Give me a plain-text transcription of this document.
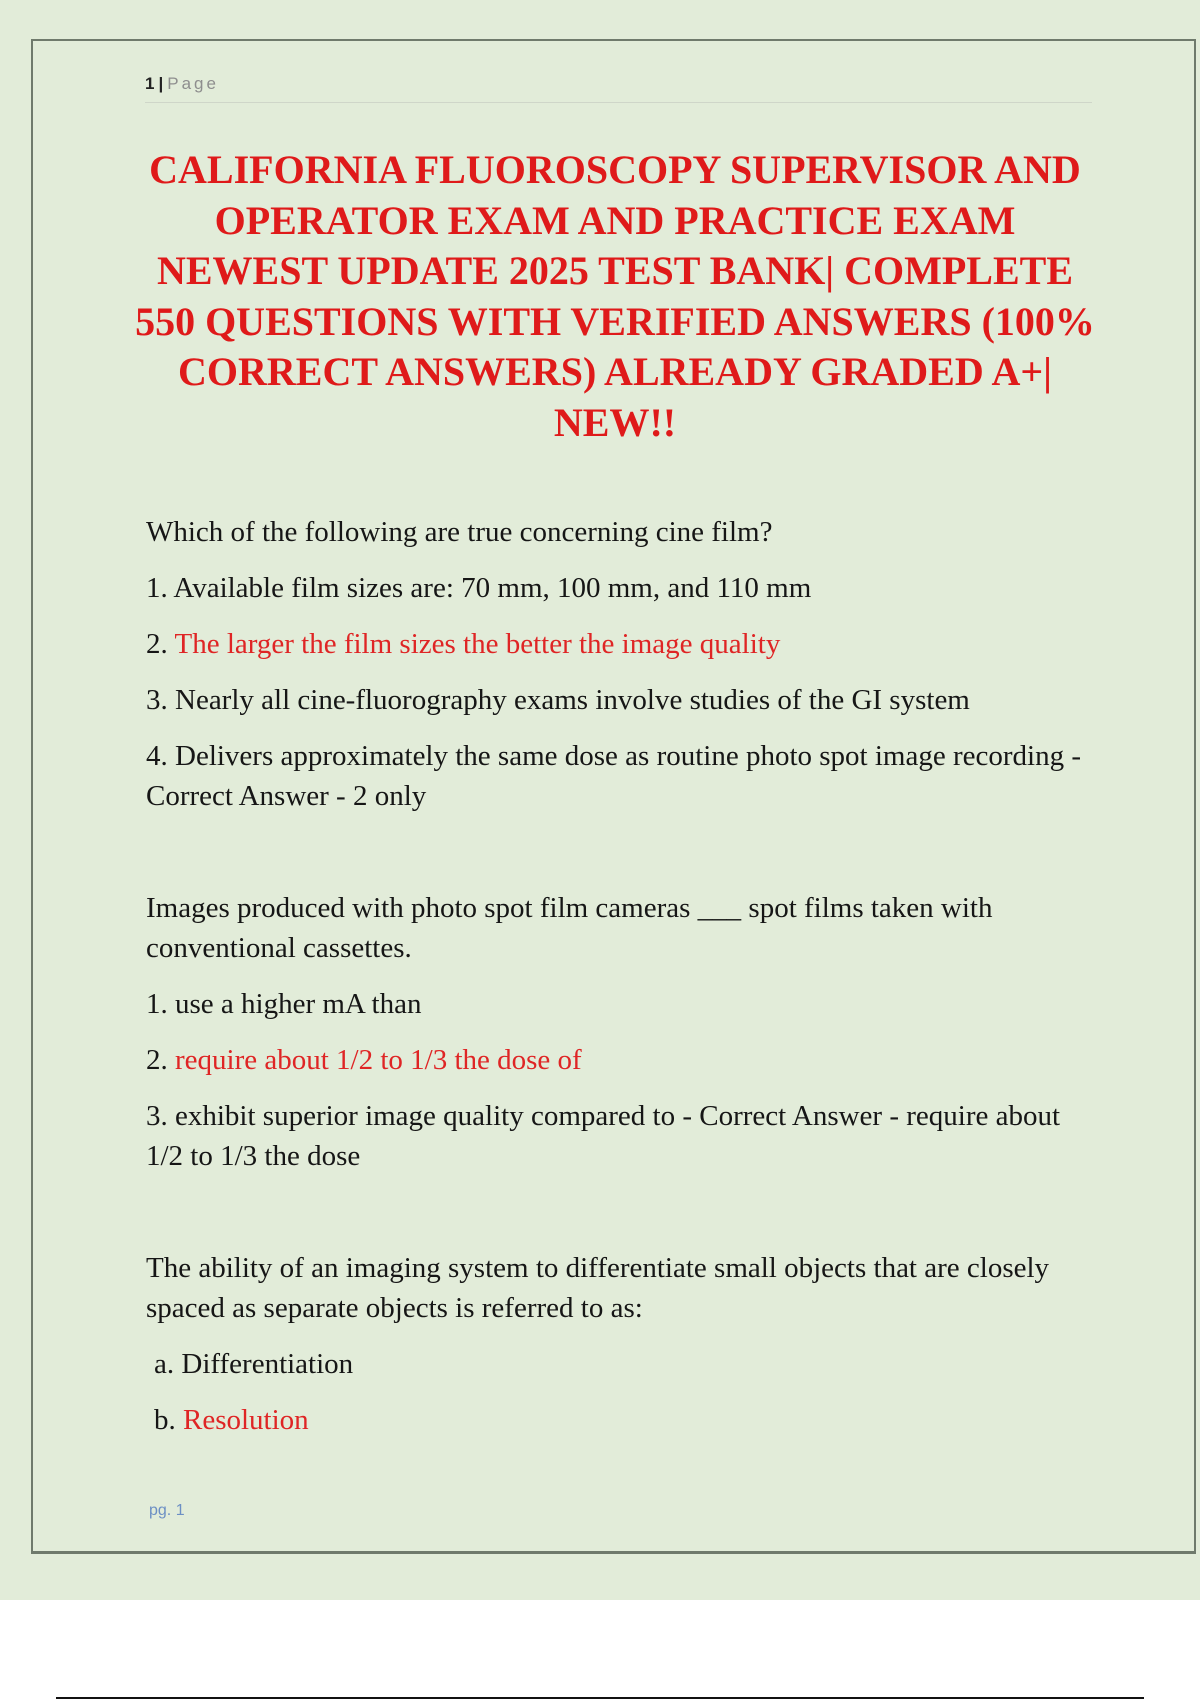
1 | Page
CALIFORNIA FLUOROSCOPY SUPERVISOR AND OPERATOR EXAM AND PRACTICE EXAM NEWEST UPDATE 2025 TEST BANK| COMPLETE 550 QUESTIONS WITH VERIFIED ANSWERS (100% CORRECT ANSWERS) ALREADY GRADED A+| NEW!!

Which of the following are true concerning cine film?

1. Available film sizes are: 70 mm, 100 mm, and 110 mm

2. The larger the film sizes the better the image quality

3. Nearly all cine-fluorography exams involve studies of the GI system

4. Delivers approximately the same dose as routine photo spot image recording - Correct Answer - 2 only

Images produced with photo spot film cameras ___ spot films taken with conventional cassettes.

1. use a higher mA than

2. require about 1/2 to 1/3 the dose of

3. exhibit superior image quality compared to - Correct Answer - require about 1/2 to 1/3 the dose

The ability of an imaging system to differentiate small objects that are closely spaced as separate objects is referred to as:

a. Differentiation

b. Resolution

pg. 1
